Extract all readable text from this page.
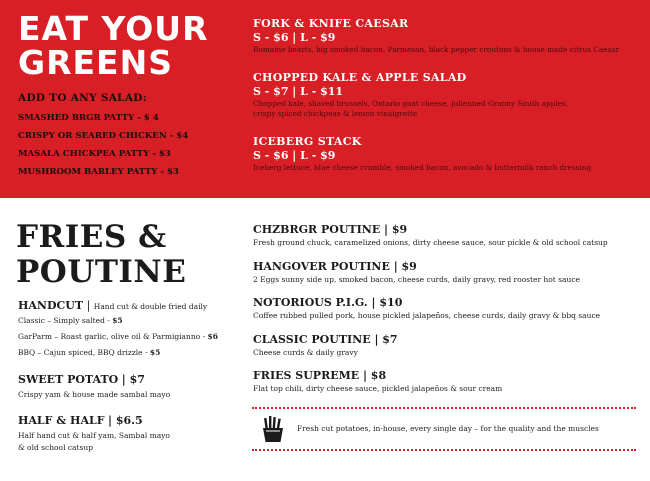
EAT YOUR
GREENS
ADD TO ANY SALAD:
SMASHED BRGR PATTY - $ 4
CRISPY OR SEARED CHICKEN - $4
MASALA CHICKPEA PATTY - $3
MUSHROOM BARLEY PATTY - $3
FORK & KNIFE CAESAR
S - $6 | L - $9
Romaine hearts, big smoked bacon, Parmesan, black pepper croutons & house made citrus Caesar
CHOPPED KALE & APPLE SALAD
S - $7 | L - $11
Chopped kale, shaved brussels, Ontario goat cheese, julienned Granny Smith apples,
crispy spiced chickpeas & lemon vinaigrette
ICEBERG STACK
S - $6 | L - $9
Iceberg lettuce, blue cheese crumble, smoked bacon, avocado & buttermilk ranch dressing
FRIES &
POUTINE
HANDCUT | Hand cut & double fried daily
Classic – Simply salted - $5
GarParm – Roast garlic, olive oil & Parmigianno - $6
BBQ – Cajun spiced, BBQ drizzle - $5
SWEET POTATO | $7
Crispy yam & house made sambal mayo
HALF & HALF | $6.5
Half hand cut & half yam, Sambal mayo
& old school catsup
CHZBRGR POUTINE | $9
Fresh ground chuck, caramelized onions, dirty cheese sauce, sour pickle & old school catsup
HANGOVER POUTINE | $9
2 Eggs sunny side up, smoked bacon, cheese curds, daily gravy, red rooster hot sauce
NOTORIOUS P.I.G. | $10
Coffee rubbed pulled pork, house pickled jalapeños, cheese curds, daily gravy & bbq sauce
CLASSIC POUTINE | $7
Cheese curds & daily gravy
FRIES SUPREME | $8
Flat top chili, dirty cheese sauce, pickled jalapeños & sour cream
Fresh cut potatoes, in-house, every single day – for the quality and the muscles
